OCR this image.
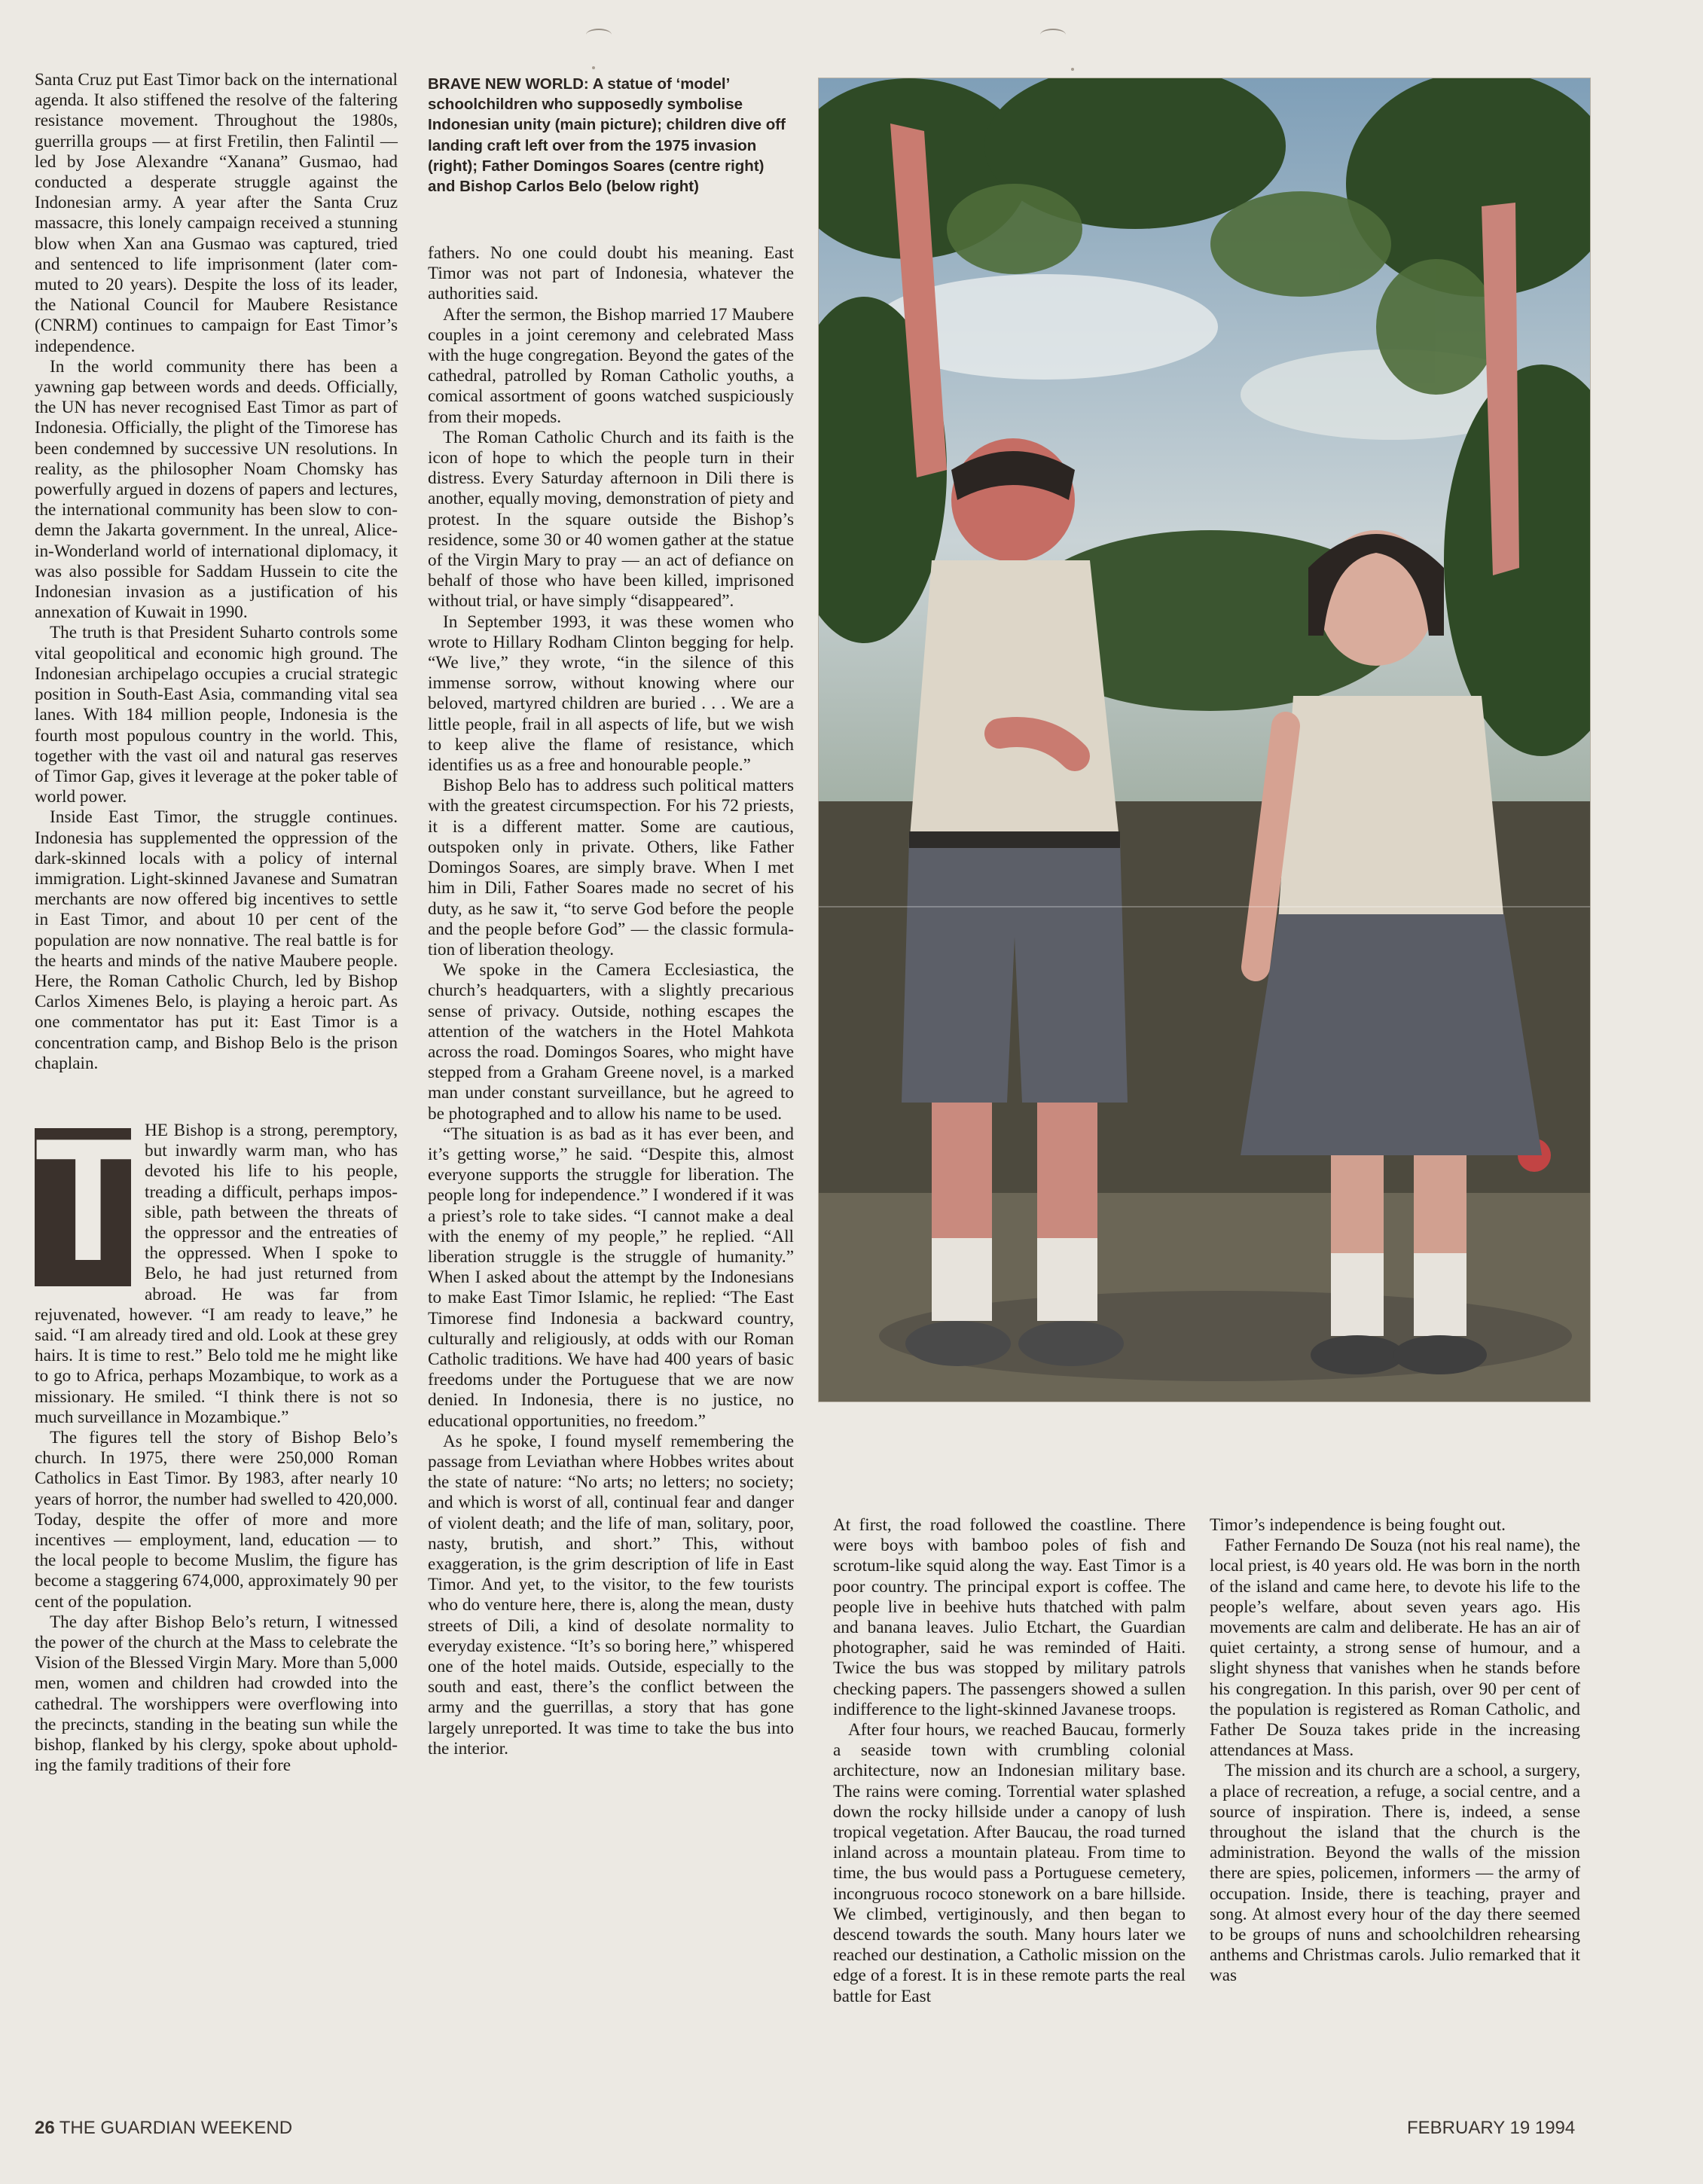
Santa Cruz put East Timor back on the international agenda. It also stiffened the resolve of the faltering resistance movement. Throughout the 1980s, guerrilla groups — at first Fretilin, then Falintil — led by Jose Alexandre “Xanana” Gusmao, had conducted a desperate struggle against the Indonesian army. A year after the Santa Cruz massacre, this lonely campaign received a stunning blow when Xan ana Gusmao was captured, tried and sentenced to life imprisonment (later commuted to 20 years). Despite the loss of its leader, the National Council for Maubere Resistance (CNRM) continues to campaign for East Timor’s independence.

In the world community there has been a yawning gap between words and deeds. Officially, the UN has never recognised East Timor as part of Indonesia. Officially, the plight of the Timorese has been condemned by successive UN resolutions. In reality, as the philosopher Noam Chomsky has powerfully argued in dozens of papers and lectures, the international community has been slow to condemn the Jakarta government. In the unreal, Alice-in-Wonderland world of international diplomacy, it was also possible for Saddam Hussein to cite the Indonesian invasion as a justification of his annexation of Kuwait in 1990.

The truth is that President Suharto controls some vital geopolitical and economic high ground. The Indonesian archipelago occupies a crucial strategic position in South-East Asia, commanding vital sea lanes. With 184 million people, Indonesia is the fourth most populous country in the world. This, together with the vast oil and natural gas reserves of Timor Gap, gives it leverage at the poker table of world power.

Inside East Timor, the struggle continues. Indonesia has supplemented the oppression of the dark-skinned locals with a policy of internal immigration. Light-skinned Javanese and Sumatran merchants are now offered big incentives to settle in East Timor, and about 10 per cent of the population are now nonnative. The real battle is for the hearts and minds of the native Maubere people. Here, the Roman Catholic Church, led by Bishop Carlos Ximenes Belo, is playing a heroic part. As one commentator has put it: East Timor is a concentration camp, and Bishop Belo is the prison chaplain.

T HE Bishop is a strong, peremptory, but inwardly warm man, who has devoted his life to his people, treading a difficult, perhaps impossible, path between the threats of the oppressor and the entreaties of the oppressed. When I spoke to Belo, he had just returned from abroad. He was far from rejuvenated, however. “I am ready to leave,” he said. “I am already tired and old. Look at these grey hairs. It is time to rest.” Belo told me he might like to go to Africa, perhaps Mozambique, to work as a missionary. He smiled. “I think there is not so much surveillance in Mozambique.”

The figures tell the story of Bishop Belo’s church. In 1975, there were 250,000 Roman Catholics in East Timor. By 1983, after nearly 10 years of horror, the number had swelled to 420,000. Today, despite the offer of more and more incentives — employment, land, education — to the local people to become Muslim, the figure has become a staggering 674,000, approximately 90 per cent of the population.

The day after Bishop Belo’s return, I witnessed the power of the church at the Mass to celebrate the Vision of the Blessed Virgin Mary. More than 5,000 men, women and children had crowded into the cathedral. The worshippers were overflowing into the precincts, standing in the beating sun while the bishop, flanked by his clergy, spoke about upholding the family traditions of their fore

BRAVE NEW WORLD: A statue of ‘model’ schoolchildren who supposedly symbolise Indonesian unity (main picture); children dive off landing craft left over from the 1975 invasion (right); Father Domingos Soares (centre right) and Bishop Carlos Belo (below right)

fathers. No one could doubt his meaning. East Timor was not part of Indonesia, whatever the authorities said.

After the sermon, the Bishop married 17 Maubere couples in a joint ceremony and celebrated Mass with the huge congregation. Beyond the gates of the cathedral, patrolled by Roman Catholic youths, a comical assortment of goons watched suspiciously from their mopeds.

The Roman Catholic Church and its faith is the icon of hope to which the people turn in their distress. Every Saturday afternoon in Dili there is another, equally moving, demonstration of piety and protest. In the square outside the Bishop’s residence, some 30 or 40 women gather at the statue of the Virgin Mary to pray — an act of defiance on behalf of those who have been killed, imprisoned without trial, or have simply “disappeared”.

In September 1993, it was these women who wrote to Hillary Rodham Clinton begging for help. “We live,” they wrote, “in the silence of this immense sorrow, without knowing where our beloved, martyred children are buried . . . We are a little people, frail in all aspects of life, but we wish to keep alive the flame of resistance, which identifies us as a free and honourable people.”

Bishop Belo has to address such political matters with the greatest circumspection. For his 72 priests, it is a different matter. Some are cautious, outspoken only in private. Others, like Father Domingos Soares, are simply brave. When I met him in Dili, Father Soares made no secret of his duty, as he saw it, “to serve God before the people and the people before God” — the classic formulation of liberation theology.

We spoke in the Camera Ecclesiastica, the church’s headquarters, with a slightly precarious sense of privacy. Outside, nothing escapes the attention of the watchers in the Hotel Mahkota across the road. Domingos Soares, who might have stepped from a Graham Greene novel, is a marked man under constant surveillance, but he agreed to be photographed and to allow his name to be used.

“The situation is as bad as it has ever been, and it’s getting worse,” he said. “Despite this, almost everyone supports the struggle for liberation. The people long for independence.” I wondered if it was a priest’s role to take sides. “I cannot make a deal with the enemy of my people,” he replied. “All liberation struggle is the struggle of humanity.” When I asked about the attempt by the Indonesians to make East Timor Islamic, he replied: “The East Timorese find Indonesia a backward country, culturally and religiously, at odds with our Roman Catholic traditions. We have had 400 years of basic freedoms under the Portuguese that we are now denied. In Indonesia, there is no justice, no educational opportunities, no freedom.”

As he spoke, I found myself remembering the passage from Leviathan where Hobbes writes about the state of nature: “No arts; no letters; no society; and which is worst of all, continual fear and danger of violent death; and the life of man, solitary, poor, nasty, brutish, and short.” This, without exaggeration, is the grim description of life in East Timor. And yet, to the visitor, to the few tourists who do venture here, there is, along the mean, dusty streets of Dili, a kind of desolate normality to everyday existence. “It’s so boring here,” whispered one of the hotel maids. Outside, especially to the south and east, there’s the conflict between the army and the guerrillas, a story that has gone largely unreported. It was time to take the bus into the interior.

At first, the road followed the coastline. There were boys with bamboo poles of fish and scrotum-like squid along the way. East Timor is a poor country. The principal export is coffee. The people live in beehive huts thatched with palm and banana leaves. Julio Etchart, the Guardian photographer, said he was reminded of Haiti. Twice the bus was stopped by military patrols checking papers. The passengers showed a sullen indifference to the light-skinned Javanese troops.

After four hours, we reached Baucau, formerly a seaside town with crumbling colonial architecture, now an Indonesian military base. The rains were coming. Torrential water splashed down the rocky hillside under a canopy of lush tropical vegetation. After Baucau, the road turned inland across a mountain plateau. From time to time, the bus would pass a Portuguese cemetery, incongruous rococo stonework on a bare hillside. We climbed, vertiginously, and then began to descend towards the south. Many hours later we reached our destination, a Catholic mission on the edge of a forest. It is in these remote parts the real battle for East

Timor’s independence is being fought out.

Father Fernando De Souza (not his real name), the local priest, is 40 years old. He was born in the north of the island and came here, to devote his life to the people’s welfare, about seven years ago. His movements are calm and deliberate. He has an air of quiet certainty, a strong sense of humour, and a slight shyness that vanishes when he stands before his congregation. In this parish, over 90 per cent of the population is registered as Roman Catholic, and Father De Souza takes pride in the increasing attendances at Mass.

The mission and its church are a school, a surgery, a place of recreation, a refuge, a social centre, and a source of inspiration. There is, indeed, a sense throughout the island that the church is the administration. Beyond the walls of the mission there are spies, policemen, informers — the army of occupation. Inside, there is teaching, prayer and song. At almost every hour of the day there seemed to be groups of nuns and schoolchildren rehearsing anthems and Christmas carols. Julio remarked that it was

26 THE GUARDIAN WEEKEND	FEBRUARY 19 1994
